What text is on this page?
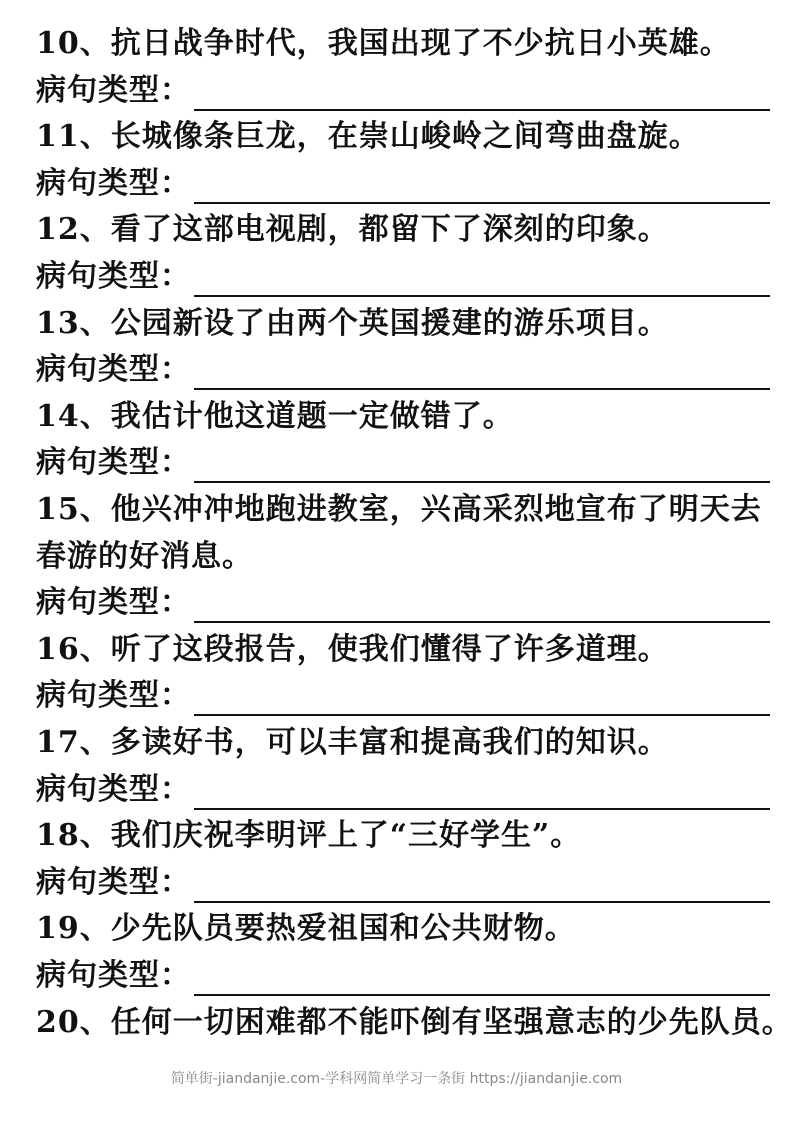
10、抗日战争时代，我国出现了不少抗日小英雄。
病句类型：
11、长城像条巨龙，在崇山峻岭之间弯曲盘旋。
病句类型：
12、看了这部电视剧，都留下了深刻的印象。
病句类型：
13、公园新设了由两个英国援建的游乐项目。
病句类型：
14、我估计他这道题一定做错了。
病句类型：
15、他兴冲冲地跑进教室，兴高采烈地宣布了明天去
春游的好消息。
病句类型：
16、听了这段报告，使我们懂得了许多道理。
病句类型：
17、多读好书，可以丰富和提高我们的知识。
病句类型：
18、我们庆祝李明评上了“三好学生”。
病句类型：
19、少先队员要热爱祖国和公共财物。
病句类型：
20、任何一切困难都不能吓倒有坚强意志的少先队员。
简单街-jiandanjie.com-学科网简单学习一条街 https://jiandanjie.com
